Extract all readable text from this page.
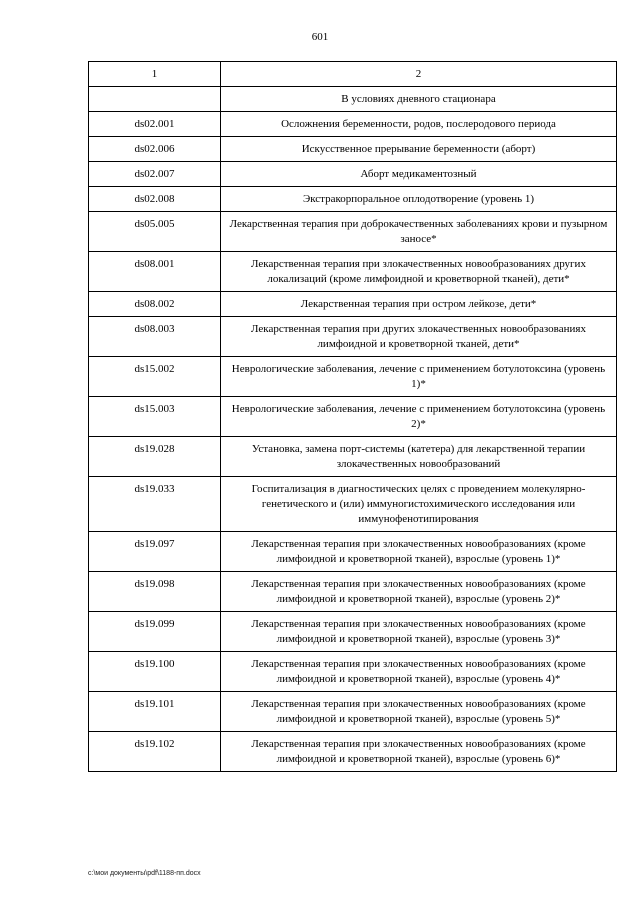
601
1	2
	В условиях дневного стационара
ds02.001	Осложнения беременности, родов, послеродового периода
ds02.006	Искусственное прерывание беременности (аборт)
ds02.007	Аборт медикаментозный
ds02.008	Экстракорпоральное оплодотворение (уровень 1)
ds05.005	Лекарственная терапия при доброкачественных заболеваниях крови и пузырном заносе*
ds08.001	Лекарственная терапия при злокачественных новообразованиях других локализаций (кроме лимфоидной и кроветворной тканей), дети*
ds08.002	Лекарственная терапия при остром лейкозе, дети*
ds08.003	Лекарственная терапия при других злокачественных новообразованиях лимфоидной и кроветворной тканей, дети*
ds15.002	Неврологические заболевания, лечение с применением ботулотоксина (уровень 1)*
ds15.003	Неврологические заболевания, лечение с применением ботулотоксина (уровень 2)*
ds19.028	Установка, замена порт-системы (катетера) для лекарственной терапии злокачественных новообразований
ds19.033	Госпитализация в диагностических целях с проведением молекулярно-генетического и (или) иммуногистохимического исследования или иммунофенотипирования
ds19.097	Лекарственная терапия при злокачественных новообразованиях (кроме лимфоидной и кроветворной тканей), взрослые (уровень 1)*
ds19.098	Лекарственная терапия при злокачественных новообразованиях (кроме лимфоидной и кроветворной тканей), взрослые (уровень 2)*
ds19.099	Лекарственная терапия при злокачественных новообразованиях (кроме лимфоидной и кроветворной тканей), взрослые (уровень 3)*
ds19.100	Лекарственная терапия при злокачественных новообразованиях (кроме лимфоидной и кроветворной тканей), взрослые (уровень 4)*
ds19.101	Лекарственная терапия при злокачественных новообразованиях (кроме лимфоидной и кроветворной тканей), взрослые (уровень 5)*
ds19.102	Лекарственная терапия при злокачественных новообразованиях (кроме лимфоидной и кроветворной тканей), взрослые (уровень 6)*
c:\мои документы\pdf\1188-пп.docx
